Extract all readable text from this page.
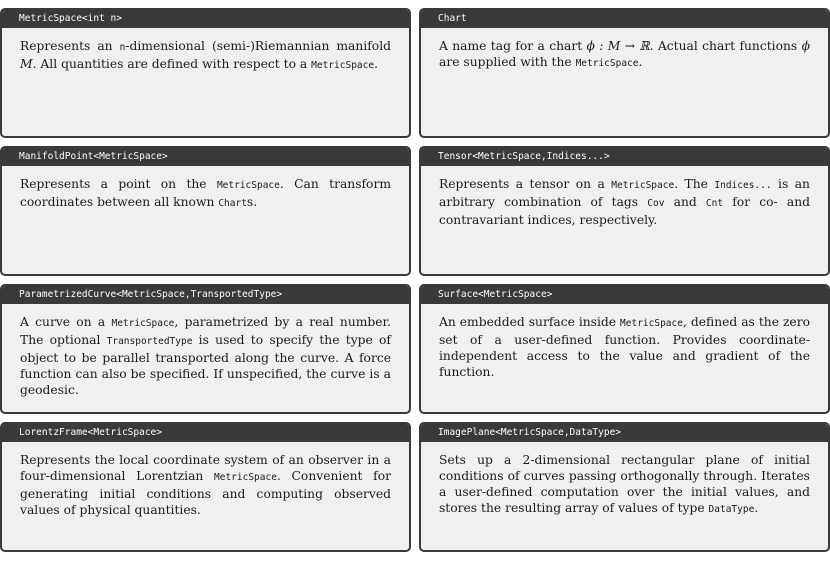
MetricSpace<int n>
Represents an n-dimensional (semi-)Riemannian manifold M. All quantities are defined with respect to a MetricSpace.
Chart
A name tag for a chart ϕ : M → ℝ. Actual chart functions ϕ are supplied with the MetricSpace.
ManifoldPoint<MetricSpace>
Represents a point on the MetricSpace. Can transform coordinates between all known Charts.
Tensor<MetricSpace,Indices...>
Represents a tensor on a MetricSpace. The Indices... is an arbitrary combination of tags Cov and Cnt for co- and contravariant indices, respectively.
ParametrizedCurve<MetricSpace,TransportedType>
A curve on a MetricSpace, parametrized by a real number. The optional TransportedType is used to specify the type of object to be parallel transported along the curve. A force function can also be specified. If unspecified, the curve is a geodesic.
Surface<MetricSpace>
An embedded surface inside MetricSpace, defined as the zero set of a user-defined function. Provides coordinate-independent access to the value and gradient of the function.
LorentzFrame<MetricSpace>
Represents the local coordinate system of an observer in a four-dimensional Lorentzian MetricSpace. Convenient for generating initial conditions and computing observed values of physical quantities.
ImagePlane<MetricSpace,DataType>
Sets up a 2-dimensional rectangular plane of initial conditions of curves passing orthogonally through. Iterates a user-defined computation over the initial values, and stores the resulting array of values of type DataType.
